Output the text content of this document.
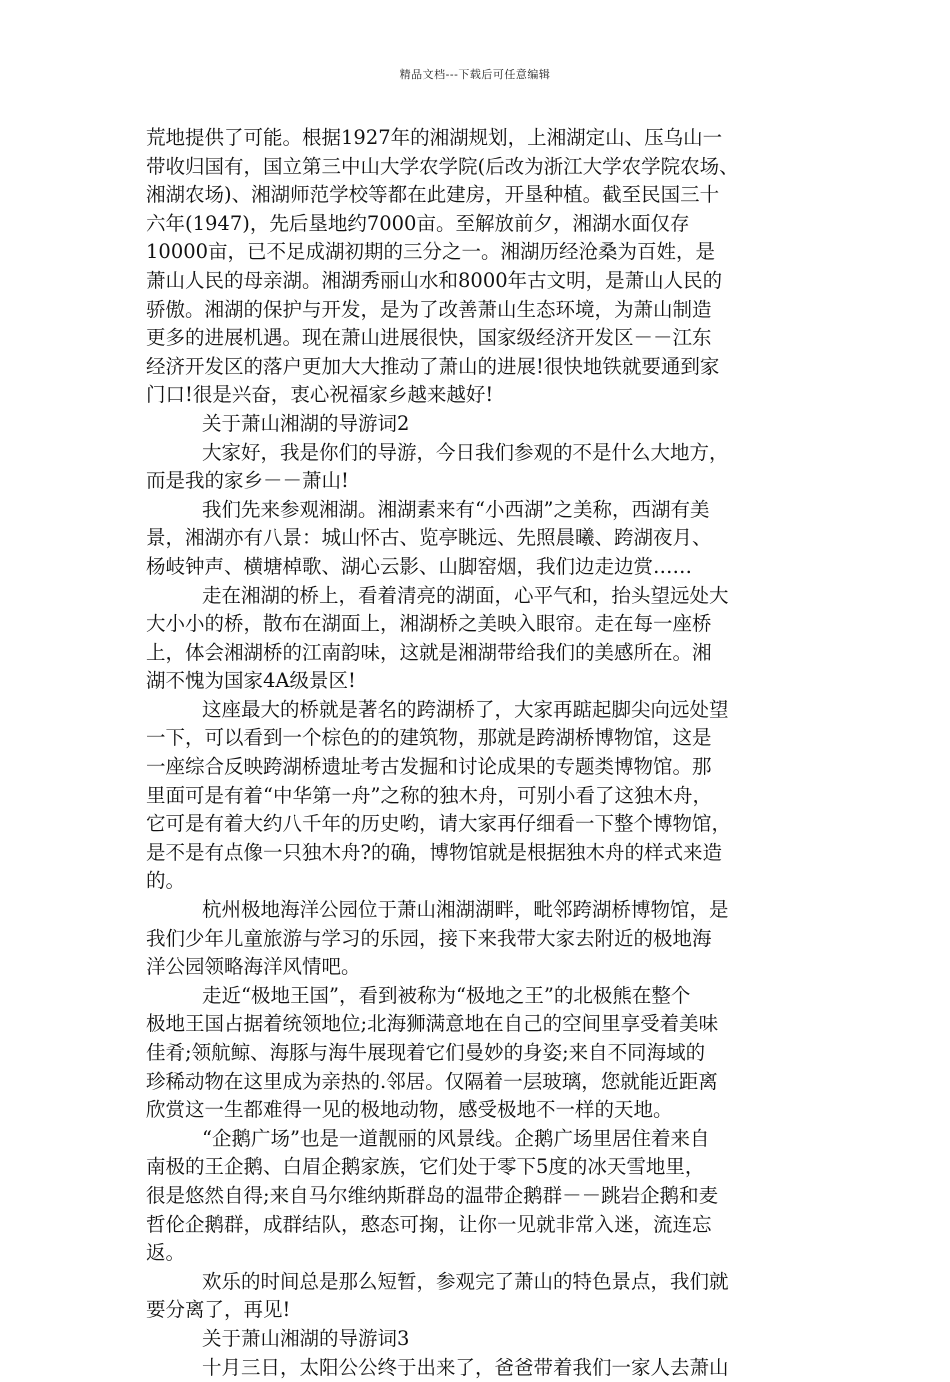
精品文档---下载后可任意编辑
荒地提供了可能。根据1927年的湘湖规划，上湘湖定山、压乌山一
带收归国有，国立第三中山大学农学院(后改为浙江大学农学院农场、
湘湖农场)、湘湖师范学校等都在此建房，开垦种植。截至民国三十
六年(1947)，先后垦地约7000亩。至解放前夕，湘湖水面仅存
10000亩，已不足成湖初期的三分之一。湘湖历经沧桑为百姓，是
萧山人民的母亲湖。湘湖秀丽山水和8000年古文明，是萧山人民的
骄傲。湘湖的保护与开发，是为了改善萧山生态环境，为萧山制造
更多的进展机遇。现在萧山进展很快，国家级经济开发区－－江东
经济开发区的落户更加大大推动了萧山的进展!很快地铁就要通到家
门口!很是兴奋，衷心祝福家乡越来越好!
关于萧山湘湖的导游词2
大家好，我是你们的导游，今日我们参观的不是什么大地方，
而是我的家乡－－萧山!
我们先来参观湘湖。湘湖素来有“小西湖”之美称，西湖有美
景，湘湖亦有八景：城山怀古、览亭眺远、先照晨曦、跨湖夜月、
杨岐钟声、横塘棹歌、湖心云影、山脚窑烟，我们边走边赏……
走在湘湖的桥上，看着清亮的湖面，心平气和，抬头望远处大
大小小的桥，散布在湖面上，湘湖桥之美映入眼帘。走在每一座桥
上，体会湘湖桥的江南韵味，这就是湘湖带给我们的美感所在。湘
湖不愧为国家4A级景区!
这座最大的桥就是著名的跨湖桥了，大家再踮起脚尖向远处望
一下，可以看到一个棕色的的建筑物，那就是跨湖桥博物馆，这是
一座综合反映跨湖桥遗址考古发掘和讨论成果的专题类博物馆。那
里面可是有着“中华第一舟”之称的独木舟，可别小看了这独木舟，
它可是有着大约八千年的历史哟，请大家再仔细看一下整个博物馆，
是不是有点像一只独木舟?的确，博物馆就是根据独木舟的样式来造
的。
杭州极地海洋公园位于萧山湘湖湖畔，毗邻跨湖桥博物馆，是
我们少年儿童旅游与学习的乐园，接下来我带大家去附近的极地海
洋公园领略海洋风情吧。
走近“极地王国”，看到被称为“极地之王”的北极熊在整个
极地王国占据着统领地位;北海狮满意地在自己的空间里享受着美味
佳肴;领航鲸、海豚与海牛展现着它们曼妙的身姿;来自不同海域的
珍稀动物在这里成为亲热的.邻居。仅隔着一层玻璃，您就能近距离
欣赏这一生都难得一见的极地动物，感受极地不一样的天地。
“企鹅广场”也是一道靓丽的风景线。企鹅广场里居住着来自
南极的王企鹅、白眉企鹅家族，它们处于零下5度的冰天雪地里，
很是悠然自得;来自马尔维纳斯群岛的温带企鹅群－－跳岩企鹅和麦
哲伦企鹅群，成群结队，憨态可掬，让你一见就非常入迷，流连忘
返。
欢乐的时间总是那么短暂，参观完了萧山的特色景点，我们就
要分离了，再见!
关于萧山湘湖的导游词3
十月三日，太阳公公终于出来了，爸爸带着我们一家人去萧山
